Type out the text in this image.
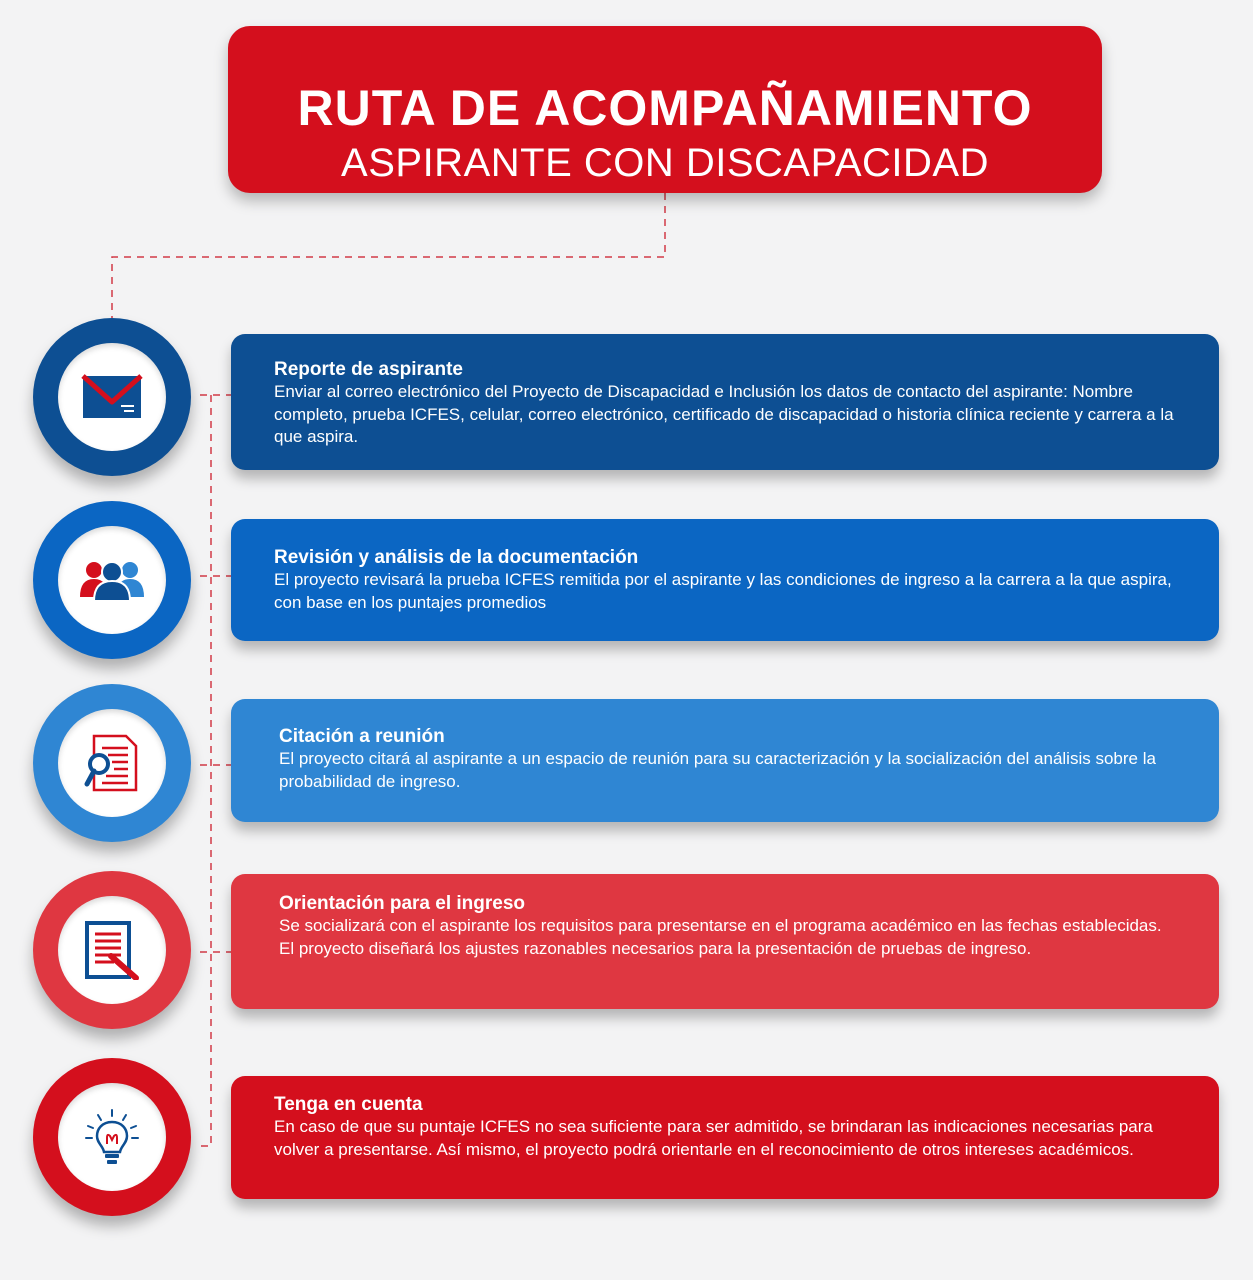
RUTA DE ACOMPAÑAMIENTO
ASPIRANTE CON DISCAPACIDAD
Reporte de aspirante
Enviar al correo electrónico del Proyecto de Discapacidad e Inclusión los datos de contacto del aspirante: Nombre completo, prueba ICFES, celular, correo electrónico, certificado de discapacidad o historia clínica reciente y carrera a la que aspira.
Revisión y análisis de la documentación
El proyecto revisará la prueba ICFES remitida por el aspirante y las condiciones de ingreso a la carrera a la que aspira, con base en los puntajes promedios
Citación a reunión
El proyecto citará al aspirante a un espacio de reunión para su caracterización y la socialización del análisis sobre la probabilidad de ingreso.
Orientación para el ingreso
Se socializará con el aspirante los requisitos para presentarse en el programa académico en las fechas establecidas.
El proyecto diseñará los ajustes razonables necesarios para la presentación de pruebas de ingreso.
Tenga en cuenta
En caso de que su puntaje ICFES no sea suficiente para ser admitido, se brindaran las indicaciones necesarias para volver a presentarse. Así mismo, el proyecto podrá orientarle en el reconocimiento de otros intereses académicos.
